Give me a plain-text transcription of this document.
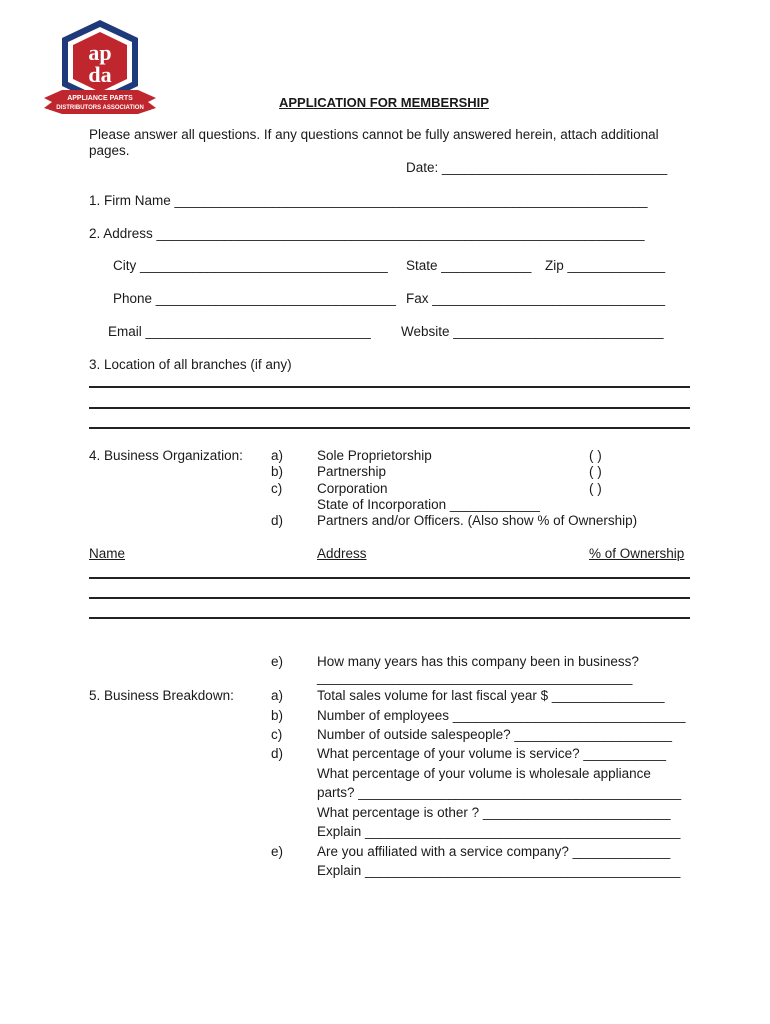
ap
da
APPLIANCE PARTS
DISTRIBUTORS ASSOCIATION	APPLICATION FOR MEMBERSHIP
Please answer all questions. If any questions cannot be fully answered herein, attach additional
pages.
Date: ______________________________
1. Firm Name _______________________________________________________________
2. Address _________________________________________________________________
City _________________________________ State ____________ Zip _____________
Phone ________________________________ Fax _______________________________
Email ______________________________ Website ____________________________
3. Location of all branches (if any)
4. Business Organization: a)	Sole Proprietorship	( )
b)	Partnership	( )
c)	Corporation	( )
State of Incorporation ____________
d)	Partners and/or Officers. (Also show % of Ownership)
Name	Address	% of Ownership
e)	How many years has this company been in business?
__________________________________________
5. Business Breakdown:	a)	Total sales volume for last fiscal year $ _______________
b)	Number of employees _______________________________
c)	Number of outside salespeople? _____________________
d)	What percentage of your volume is service? ___________
What percentage of your volume is wholesale appliance
parts? ___________________________________________
What percentage is other ? _________________________
Explain __________________________________________
e)	Are you affiliated with a service company? _____________
Explain __________________________________________
